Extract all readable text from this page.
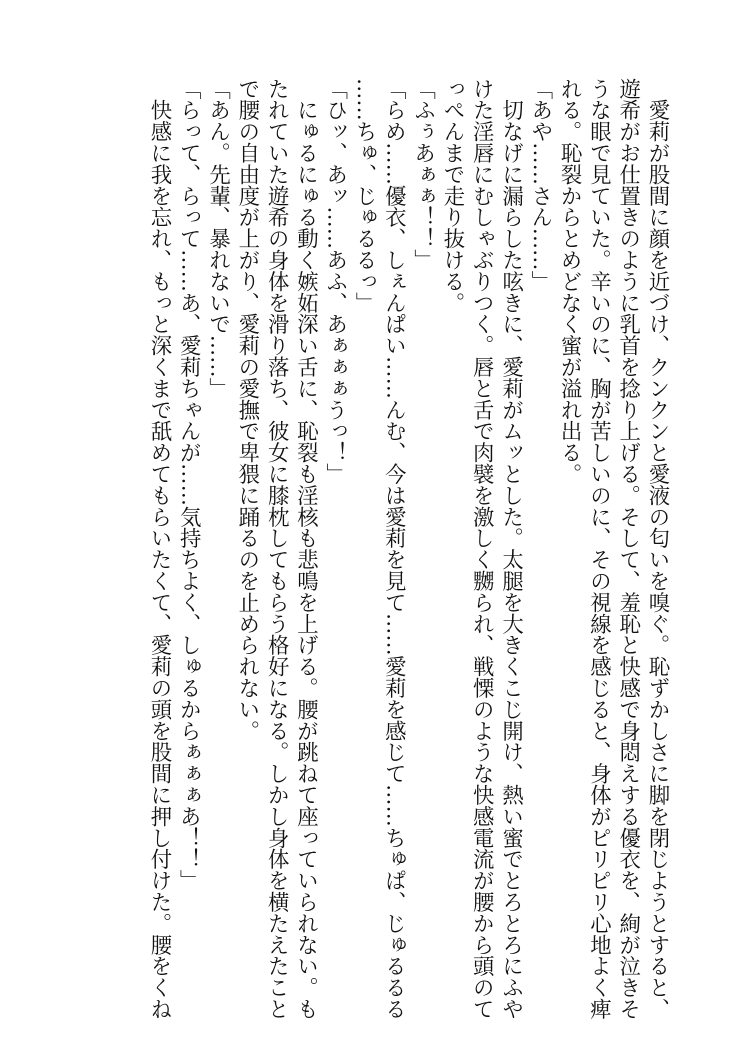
　愛莉が股間に顔を近づけ、クンクンと愛液の匂いを嗅ぐ。恥ずかしさに脚を閉じようとすると、
遊希がお仕置きのように乳首を捻り上げる。そして、羞恥と快感で身悶えする優衣を、絢が泣きそ
うな眼で見ていた。辛いのに、胸が苦しいのに、その視線を感じると、身体がピリピリ心地よく痺
れる。恥裂からとめどなく蜜が溢れ出る。
「あや……さん……」
　切なげに漏らした呟きに、愛莉がムッとした。太腿を大きくこじ開け、熱い蜜でとろとろにふや
けた淫唇にむしゃぶりつく。唇と舌で肉襞を激しく嬲られ、戦慄のような快感電流が腰から頭のて
っぺんまで走り抜ける。
「ふぅあぁぁ！！」
「らめ……優衣、しぇんぱい……んむ、今は愛莉を見て……愛莉を感じて……ちゅぱ、じゅるるる
……ちゅ、じゅるるっ」
「ひッ、あッ……あふ、あぁぁぁうっ！」
　にゅるにゅる動く嫉妬深い舌に、恥裂も淫核も悲鳴を上げる。腰が跳ねて座っていられない。も
たれていた遊希の身体を滑り落ち、彼女に膝枕してもらう格好になる。しかし身体を横たえたこと
で腰の自由度が上がり、愛莉の愛撫で卑猥に踊るのを止められない。
「あん。先輩、暴れないで……」
「らって、らって……あ、愛莉ちゃんが……気持ちよく、しゅるからぁぁぁあ！！」
　快感に我を忘れ、もっと深くまで舐めてもらいたくて、愛莉の頭を股間に押し付けた。腰をくね
